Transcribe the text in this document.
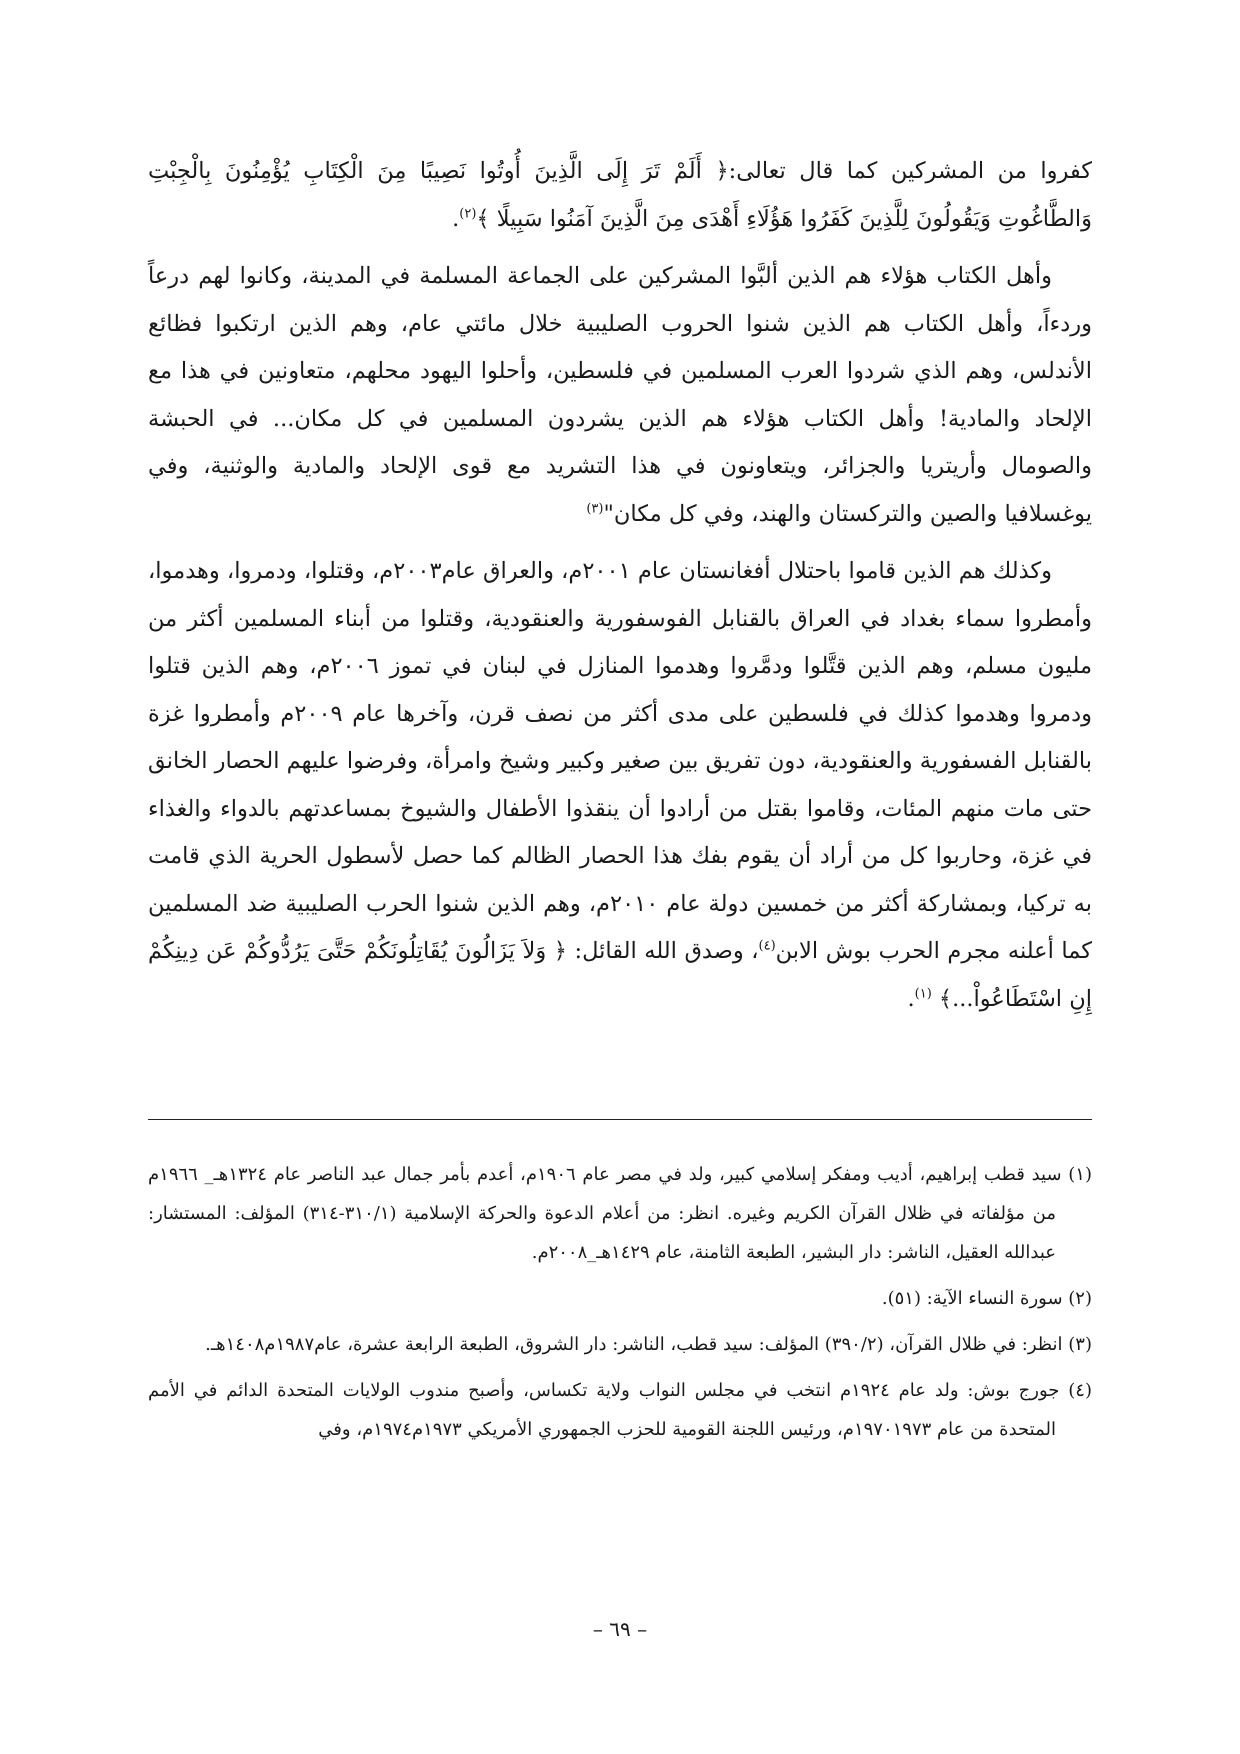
كفروا من المشركين كما قال تعالى:﴿ أَلَمْ تَرَ إِلَى الَّذِينَ أُوتُوا نَصِيبًا مِنَ الْكِتَابِ يُؤْمِنُونَ بِالْجِبْتِ وَالطَّاغُوتِ وَيَقُولُونَ لِلَّذِينَ كَفَرُوا هَؤُلَاءِ أَهْدَى مِنَ الَّذِينَ آمَنُوا سَبِيلًا ﴾$^{(٢)}$.

وأهل الكتاب هؤلاء هم الذين ألبَّوا المشركين على الجماعة المسلمة في المدينة، وكانوا لهم درعاً وردءاً، وأهل الكتاب هم الذين شنوا الحروب الصليبية خلال مائتي عام، وهم الذين ارتكبوا فظائع الأندلس، وهم الذي شردوا العرب المسلمين في فلسطين، وأحلوا اليهود محلهم، متعاونين في هذا مع الإلحاد والمادية! وأهل الكتاب هؤلاء هم الذين يشردون المسلمين في كل مكان... في الحبشة والصومال وأريتريا والجزائر، ويتعاونون في هذا التشريد مع قوى الإلحاد والمادية والوثنية، وفي يوغسلافيا والصين والتركستان والهند، وفي كل مكان"$^{(٣)}$

وكذلك هم الذين قاموا باحتلال أفغانستان عام ٢٠٠١م، والعراق عام٢٠٠٣م، وقتلوا، ودمروا، وهدموا، وأمطروا سماء بغداد في العراق بالقنابل الفوسفورية والعنقودية، وقتلوا من أبناء المسلمين أكثر من مليون مسلم، وهم الذين قتَّلوا ودمَّروا وهدموا المنازل في لبنان في تموز ٢٠٠٦م، وهم الذين قتلوا ودمروا وهدموا كذلك في فلسطين على مدى أكثر من نصف قرن، وآخرها عام ٢٠٠٩م وأمطروا غزة بالقنابل الفسفورية والعنقودية، دون تفريق بين صغير وكبير وشيخ وامرأة، وفرضوا عليهم الحصار الخانق حتى مات منهم المئات، وقاموا بقتل من أرادوا أن ينقذوا الأطفال والشيوخ بمساعدتهم بالدواء والغذاء في غزة، وحاربوا كل من أراد أن يقوم بفك هذا الحصار الظالم كما حصل لأسطول الحرية الذي قامت به تركيا، وبمشاركة أكثر من خمسين دولة عام ٢٠١٠م، وهم الذين شنوا الحرب الصليبية ضد المسلمين كما أعلنه مجرم الحرب بوش الابن$^{(٤)}$، وصدق الله القائل: ﴿ وَلاَ يَزَالُونَ يُقَاتِلُونَكُمْ حَتَّىَ يَرُدُّوكُمْ عَن دِينِكُمْ إِنِ اسْتَطَاعُواْ...﴾ $^{(١)}$.

(١) سيد قطب إبراهيم، أديب ومفكر إسلامي كبير، ولد في مصر عام ١٩٠٦م، أعدم بأمر جمال عبد الناصر عام ١٣٢٤هـ_ ١٩٦٦م من مؤلفاته في ظلال القرآن الكريم وغيره. انظر: من أعلام الدعوة والحركة الإسلامية (٣١٠/١-٣١٤) المؤلف: المستشار: عبدالله العقيل، الناشر: دار البشير، الطبعة الثامنة، عام ١٤٢٩هـ_٢٠٠٨م.

(٢) سورة النساء الآية: (٥١).

(٣) انظر: في ظلال القرآن، (٣٩٠/٢) المؤلف: سيد قطب، الناشر: دار الشروق، الطبعة الرابعة عشرة، عام١٩٨٧م١٤٠٨هـ.

(٤) جورج بوش: ولد عام ١٩٢٤م انتخب في مجلس النواب ولاية تكساس، وأصبح مندوب الولايات المتحدة الدائم في الأمم المتحدة من عام ١٩٧٠١٩٧٣م، ورئيس اللجنة القومية للحزب الجمهوري الأمريكي ١٩٧٣م١٩٧٤م، وفي

– ٦٩ –
